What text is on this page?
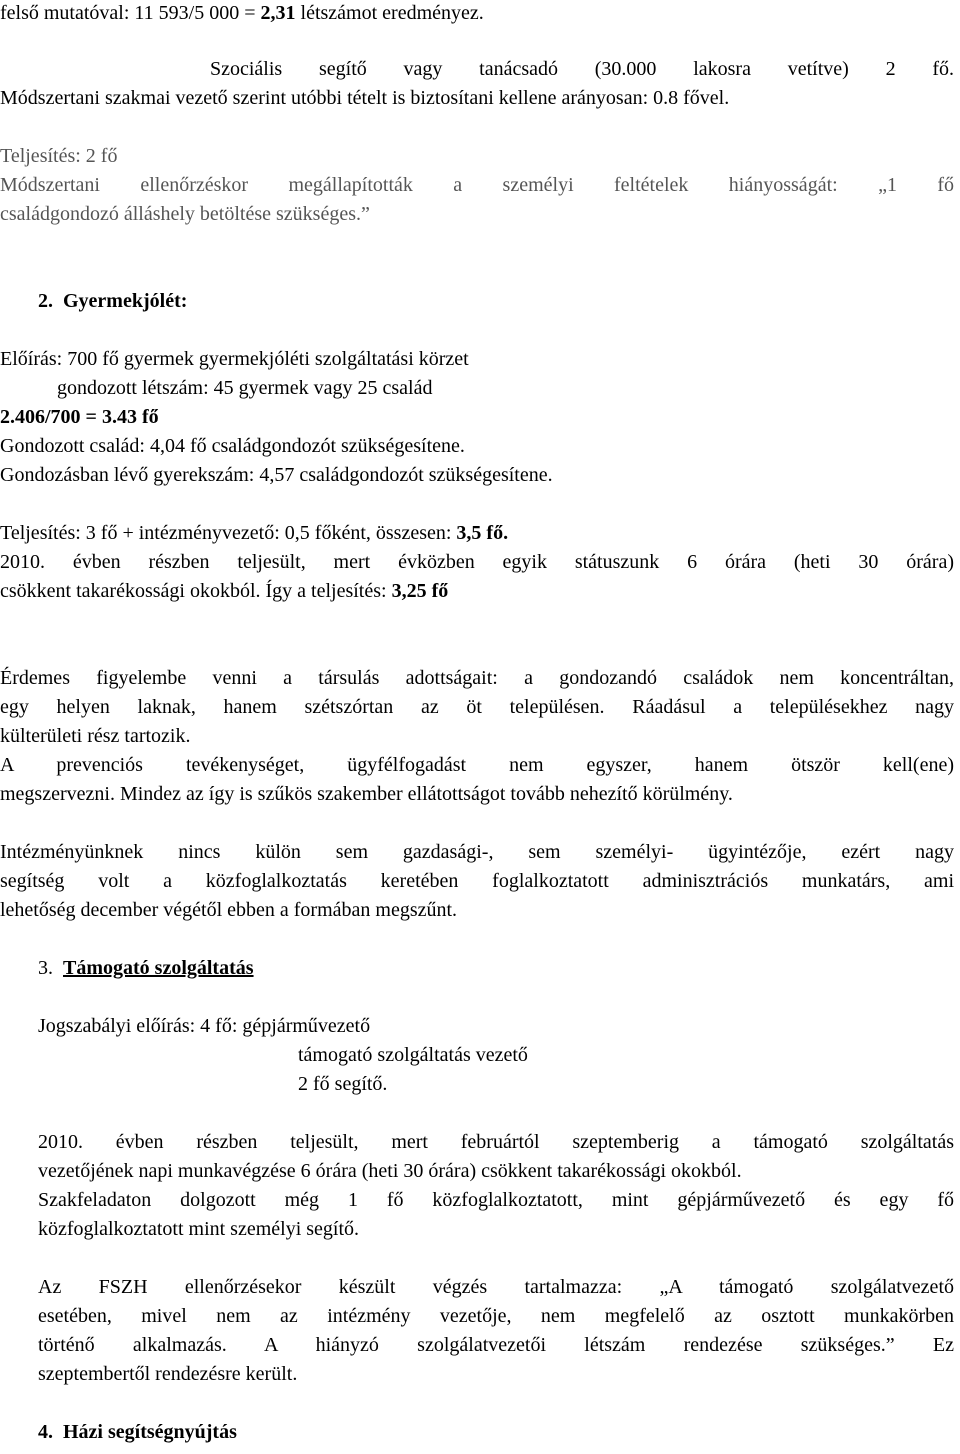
felső mutatóval: 11 593/5 000 = 2,31 létszámot eredményez.

Szociális segítő vagy tanácsadó (30.000 lakosra vetítve) 2 fő.

Módszertani szakmai vezető szerint utóbbi tételt is biztosítani kellene arányosan: 0.8 fővel.

Teljesítés: 2 fő

Módszertani ellenőrzéskor megállapították a személyi feltételek hiányosságát: „1 fő

családgondozó álláshely betöltése szükséges.”

2. Gyermekjólét:

Előírás: 700 fő gyermek gyermekjóléti szolgáltatási körzet

gondozott létszám: 45 gyermek vagy 25 család

2.406/700 = 3.43 fő

Gondozott család: 4,04 fő családgondozót szükségesítene.

Gondozásban lévő gyerekszám: 4,57 családgondozót szükségesítene.

Teljesítés: 3 fő + intézményvezető: 0,5 főként, összesen: 3,5 fő.

2010. évben részben teljesült, mert évközben egyik státuszunk 6 órára (heti 30 órára)

csökkent takarékossági okokból. Így a teljesítés: 3,25 fő

Érdemes figyelembe venni a társulás adottságait: a gondozandó családok nem koncentráltan,

egy helyen laknak, hanem szétszórtan az öt településen. Ráadásul a településekhez nagy

külterületi rész tartozik.

A prevenciós tevékenységet, ügyfélfogadást nem egyszer, hanem ötször kell(ene)

megszervezni. Mindez az így is szűkös szakember ellátottságot tovább nehezítő körülmény.

Intézményünknek nincs külön sem gazdasági-, sem személyi- ügyintézője, ezért nagy

segítség volt a közfoglalkoztatás keretében foglalkoztatott adminisztrációs munkatárs, ami

lehetőség december végétől ebben a formában megszűnt.

3. Támogató szolgáltatás

Jogszabályi előírás: 4 fő: gépjárművezető

támogató szolgáltatás vezető

2 fő segítő.

2010. évben részben teljesült, mert februártól szeptemberig a támogató szolgáltatás

vezetőjének napi munkavégzése 6 órára (heti 30 órára) csökkent takarékossági okokból.

Szakfeladaton dolgozott még 1 fő közfoglalkoztatott, mint gépjárművezető és egy fő

közfoglalkoztatott mint személyi segítő.

Az FSZH ellenőrzésekor készült végzés tartalmazza: „A támogató szolgálatvezető

esetében, mivel nem az intézmény vezetője, nem megfelelő az osztott munkakörben

történő alkalmazás. A hiányzó szolgálatvezetői létszám rendezése szükséges.” Ez

szeptembertől rendezésre került.

4. Házi segítségnyújtás
